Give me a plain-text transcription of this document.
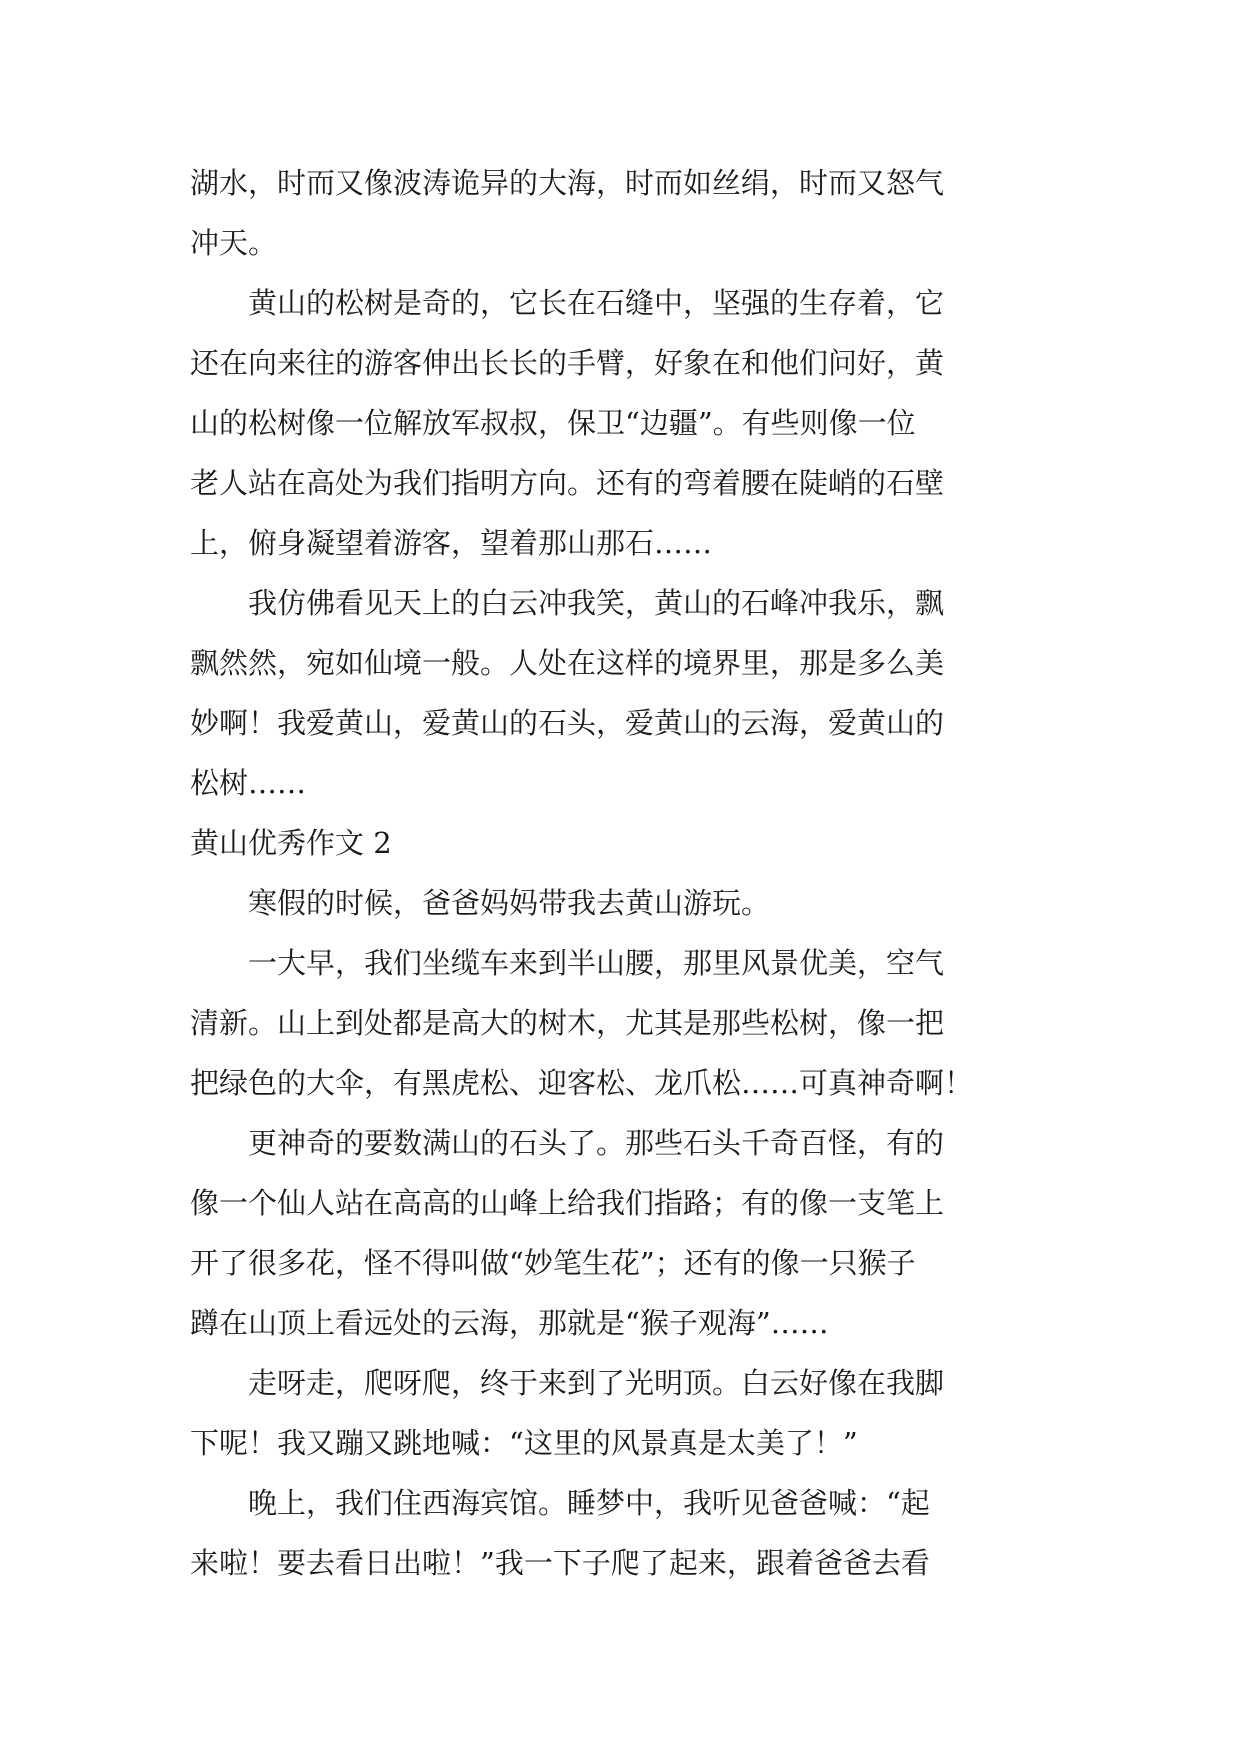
湖水，时而又像波涛诡异的大海，时而如丝绢，时而又怒气
冲天。
　　黄山的松树是奇的，它长在石缝中，坚强的生存着，它
还在向来往的游客伸出长长的手臂，好象在和他们问好，黄
山的松树像一位解放军叔叔，保卫“边疆”。有些则像一位
老人站在高处为我们指明方向。还有的弯着腰在陡峭的石壁
上，俯身凝望着游客，望着那山那石……
　　我仿佛看见天上的白云冲我笑，黄山的石峰冲我乐，飘
飘然然，宛如仙境一般。人处在这样的境界里，那是多么美
妙啊！我爱黄山，爱黄山的石头，爱黄山的云海，爱黄山的
松树……
黄山优秀作文 2
　　寒假的时候，爸爸妈妈带我去黄山游玩。
　　一大早，我们坐缆车来到半山腰，那里风景优美，空气
清新。山上到处都是高大的树木，尤其是那些松树，像一把
把绿色的大伞，有黑虎松、迎客松、龙爪松……可真神奇啊！
　　更神奇的要数满山的石头了。那些石头千奇百怪，有的
像一个仙人站在高高的山峰上给我们指路；有的像一支笔上
开了很多花，怪不得叫做“妙笔生花”；还有的像一只猴子
蹲在山顶上看远处的云海，那就是“猴子观海”……
　　走呀走，爬呀爬，终于来到了光明顶。白云好像在我脚
下呢！我又蹦又跳地喊：“这里的风景真是太美了！”
　　晚上，我们住西海宾馆。睡梦中，我听见爸爸喊：“起
来啦！要去看日出啦！”我一下子爬了起来，跟着爸爸去看
